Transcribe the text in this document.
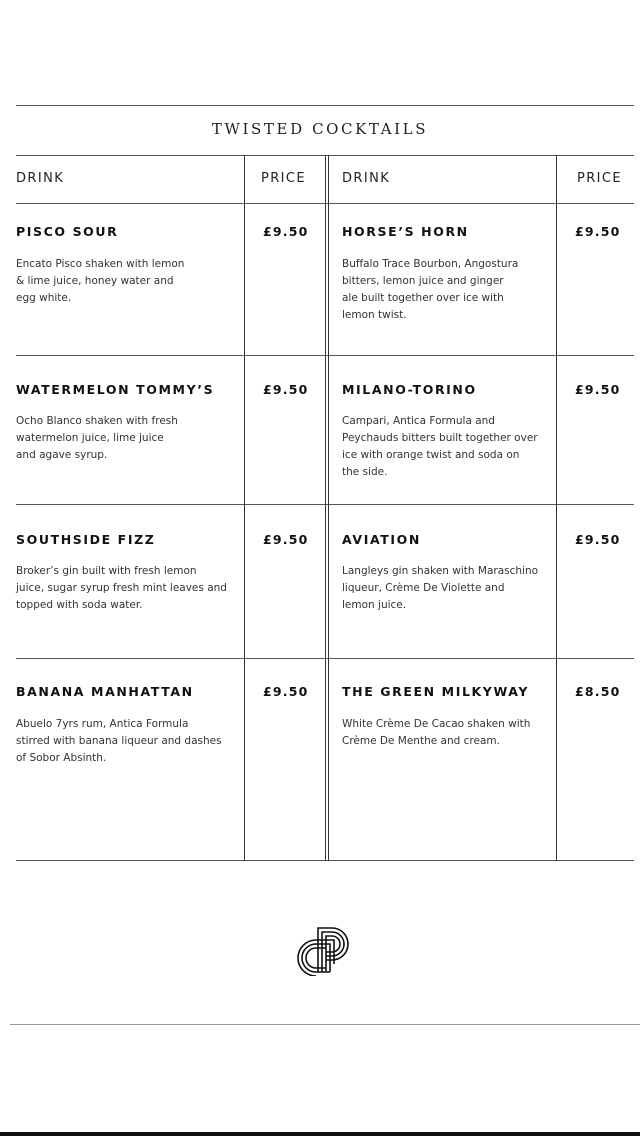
TWISTED COCKTAILS
DRINK	PRICE	DRINK	PRICE
PISCO SOUR	£9.50
Encato Pisco shaken with lemon
& lime juice, honey water and
egg white.
HORSE’S HORN	£9.50
Buffalo Trace Bourbon, Angostura
bitters, lemon juice and ginger
ale built together over ice with
lemon twist.
WATERMELON TOMMY’S	£9.50
Ocho Blanco shaken with fresh
watermelon juice, lime juice
and agave syrup.
MILANO-TORINO	£9.50
Campari, Antica Formula and
Peychauds bitters built together over
ice with orange twist and soda on
the side.
SOUTHSIDE FIZZ	£9.50
Broker’s gin built with fresh lemon
juice, sugar syrup fresh mint leaves and
topped with soda water.
AVIATION	£9.50
Langleys gin shaken with Maraschino
liqueur, Crème De Violette and
lemon juice.
BANANA MANHATTAN	£9.50
Abuelo 7yrs rum, Antica Formula
stirred with banana liqueur and dashes
of Sobor Absinth.
THE GREEN MILKYWAY	£8.50
White Crème De Cacao shaken with
Crème De Menthe and cream.
